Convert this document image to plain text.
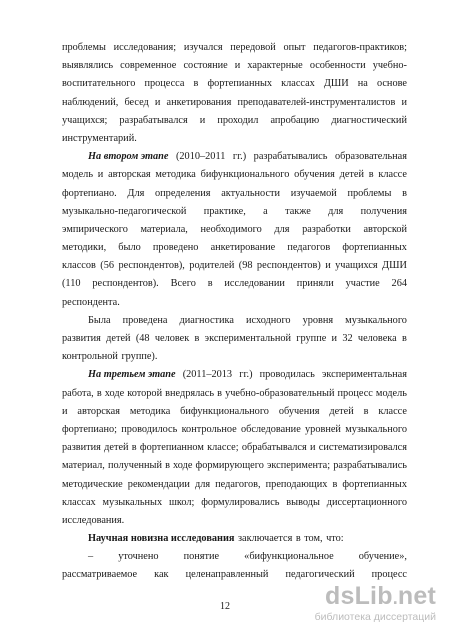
проблемы исследования; изучался передовой опыт педагогов-практиков;
выявлялись современное состояние и характерные особенности учебно-
воспитательного процесса в фортепианных классах ДШИ на основе
наблюдений, бесед и анкетирования преподавателей-инструменталистов и
учащихся; разрабатывался и проходил апробацию диагностический
инструментарий.
На втором этапе (2010–2011 гг.) разрабатывались образовательная
модель и авторская методика бифункционального обучения детей в классе
фортепиано. Для определения актуальности изучаемой проблемы в
музыкально-педагогической практике, а также для получения
эмпирического материала, необходимого для разработки авторской
методики, было проведено анкетирование педагогов фортепианных
классов (56 респондентов), родителей (98 респондентов) и учащихся ДШИ
(110 респондентов). Всего в исследовании приняли участие 264
респондента.
Была проведена диагностика исходного уровня музыкального
развития детей (48 человек в экспериментальной группе и 32 человека в
контрольной группе).
На третьем этапе (2011–2013 гг.) проводилась экспериментальная
работа, в ходе которой внедрялась в учебно-образовательный процесс модель
и авторская методика бифункционального обучения детей в классе
фортепиано; проводилось контрольное обследование уровней музыкального
развития детей в фортепианном классе; обрабатывался и систематизировался
материал, полученный в ходе формирующего эксперимента; разрабатывались
методические рекомендации для педагогов, преподающих в фортепианных
классах музыкальных школ; формулировались выводы диссертационного
исследования.
Научная новизна исследования заключается в том, что:
– уточнено понятие «бифункциональное обучение»,
рассматриваемое как целенаправленный педагогический процесс
12	dsLib.net
библиотека диссертаций
